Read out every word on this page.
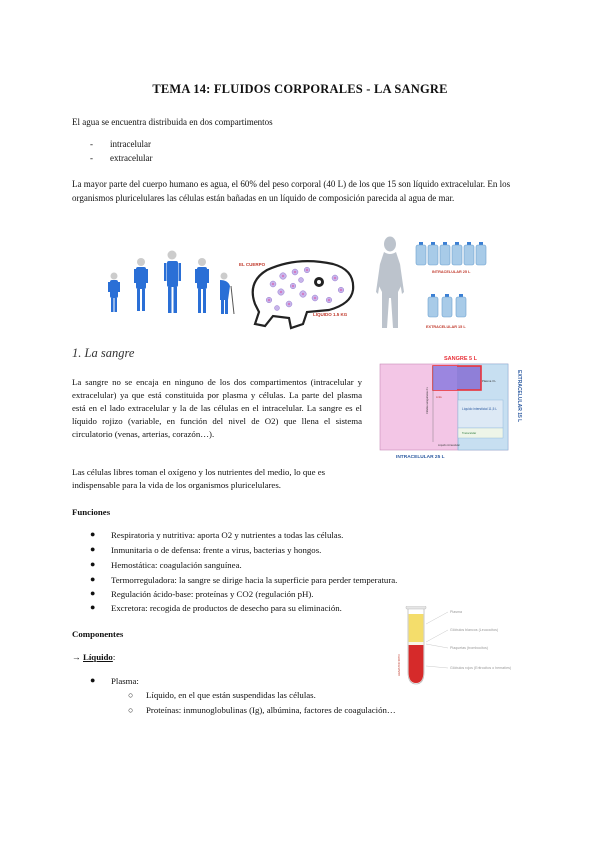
TEMA 14: FLUIDOS CORPORALES - LA SANGRE
El agua se encuentra distribuida en dos compartimentos
- intracelular
- extracelular
La mayor parte del cuerpo humano es agua, el 60% del peso corporal (40 L) de los que 15 son líquido extracelular. En los organismos pluricelulares las células están bañadas en un líquido de composición parecida al agua de mar.
EL CUERPO
LÍQUIDO 1.5 KG
INTRACELULAR 25 L
EXTRACELULAR 15 L
1. La sangre
La sangre no se encaja en ninguno de los dos compartimentos (intracelular y extracelular) ya que está constituida por plasma y células. La parte del plasma está en el lado extracelular y la de las células en el intracelular. La sangre es el líquido rojizo (variable, en función del nivel de O2) que llena el sistema circulatorio (venas, arterias, corazón…).
Las células libres toman el oxígeno y los nutrientes del medio, lo que es indispensable para la vida de los organismos pluricelulares.
SANGRE 5 L
EXTRACELULAR 15 L
INTRACELULAR 25 L
Líquido intersticial 11,5 L
Plasma 3 L
Células sanguíneas 2 L	Linfa
Transcelular
Líquido intracelular
Funciones
● Respiratoria y nutritiva: aporta O2 y nutrientes a todas las células.
● Inmunitaria o de defensa: frente a virus, bacterias y hongos.
● Hemostática: coagulación sanguínea.
● Termorreguladora: la sangre se dirige hacia la superficie para perder temperatura.
● Regulación ácido-base: proteínas y CO2 (regulación pH).
● Excretora: recogida de productos de desecho para su eliminación.
Componentes
→ Líquido:
● Plasma:
○ Líquido, en el que están suspendidas las células.
○ Proteínas: inmunoglobulinas (Ig), albúmina, factores de coagulación…
HEMATOCRITO
Plasma
Glóbulos blancos (Leucocitos)
Plaquetas (trombocitos)
Glóbulos rojos (Eritrocitos o hematíes)
